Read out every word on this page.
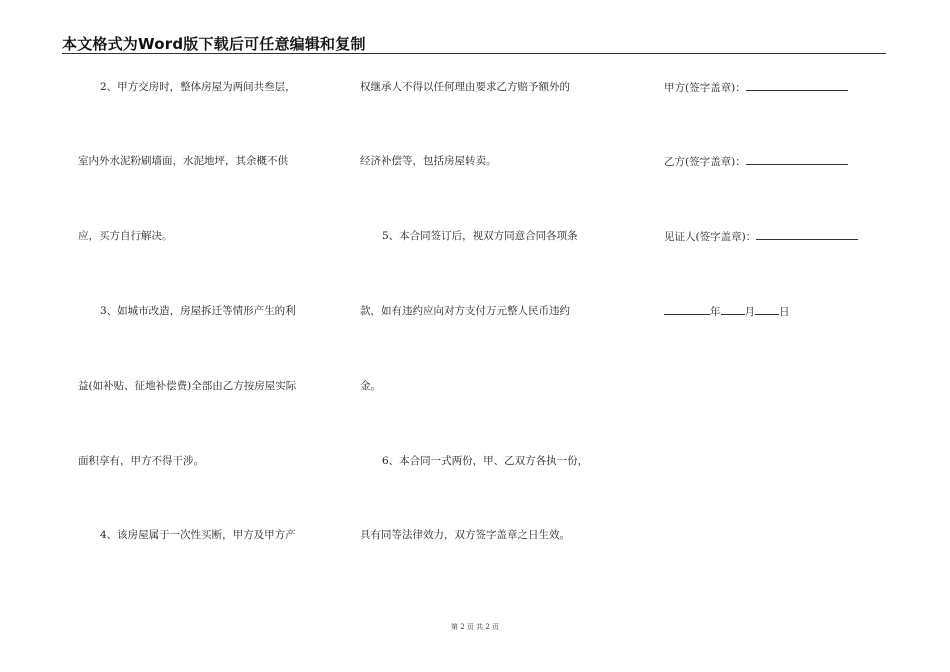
本文格式为Word版下载后可任意编辑和复制
2、甲方交房时，整体房屋为两间共叁层，
室内外水泥粉刷墙面，水泥地坪，其余概不供
应，买方自行解决。
3、如城市改造，房屋拆迁等情形产生的利
益(如补贴、征地补偿费)全部由乙方按房屋实际
面积享有，甲方不得干涉。
4、该房屋属于一次性买断，甲方及甲方产
权继承人不得以任何理由要求乙方赔予额外的
经济补偿等，包括房屋转卖。
5、本合同签订后，视双方同意合同各项条
款，如有违约应向对方支付万元整人民币违约
金。
6、本合同一式两份，甲、乙双方各执一份，
具有同等法律效力，双方签字盖章之日生效。
甲方(签字盖章)：
乙方(签字盖章)：
见证人(签字盖章)：
年 月 日
第 2 页 共 2 页
